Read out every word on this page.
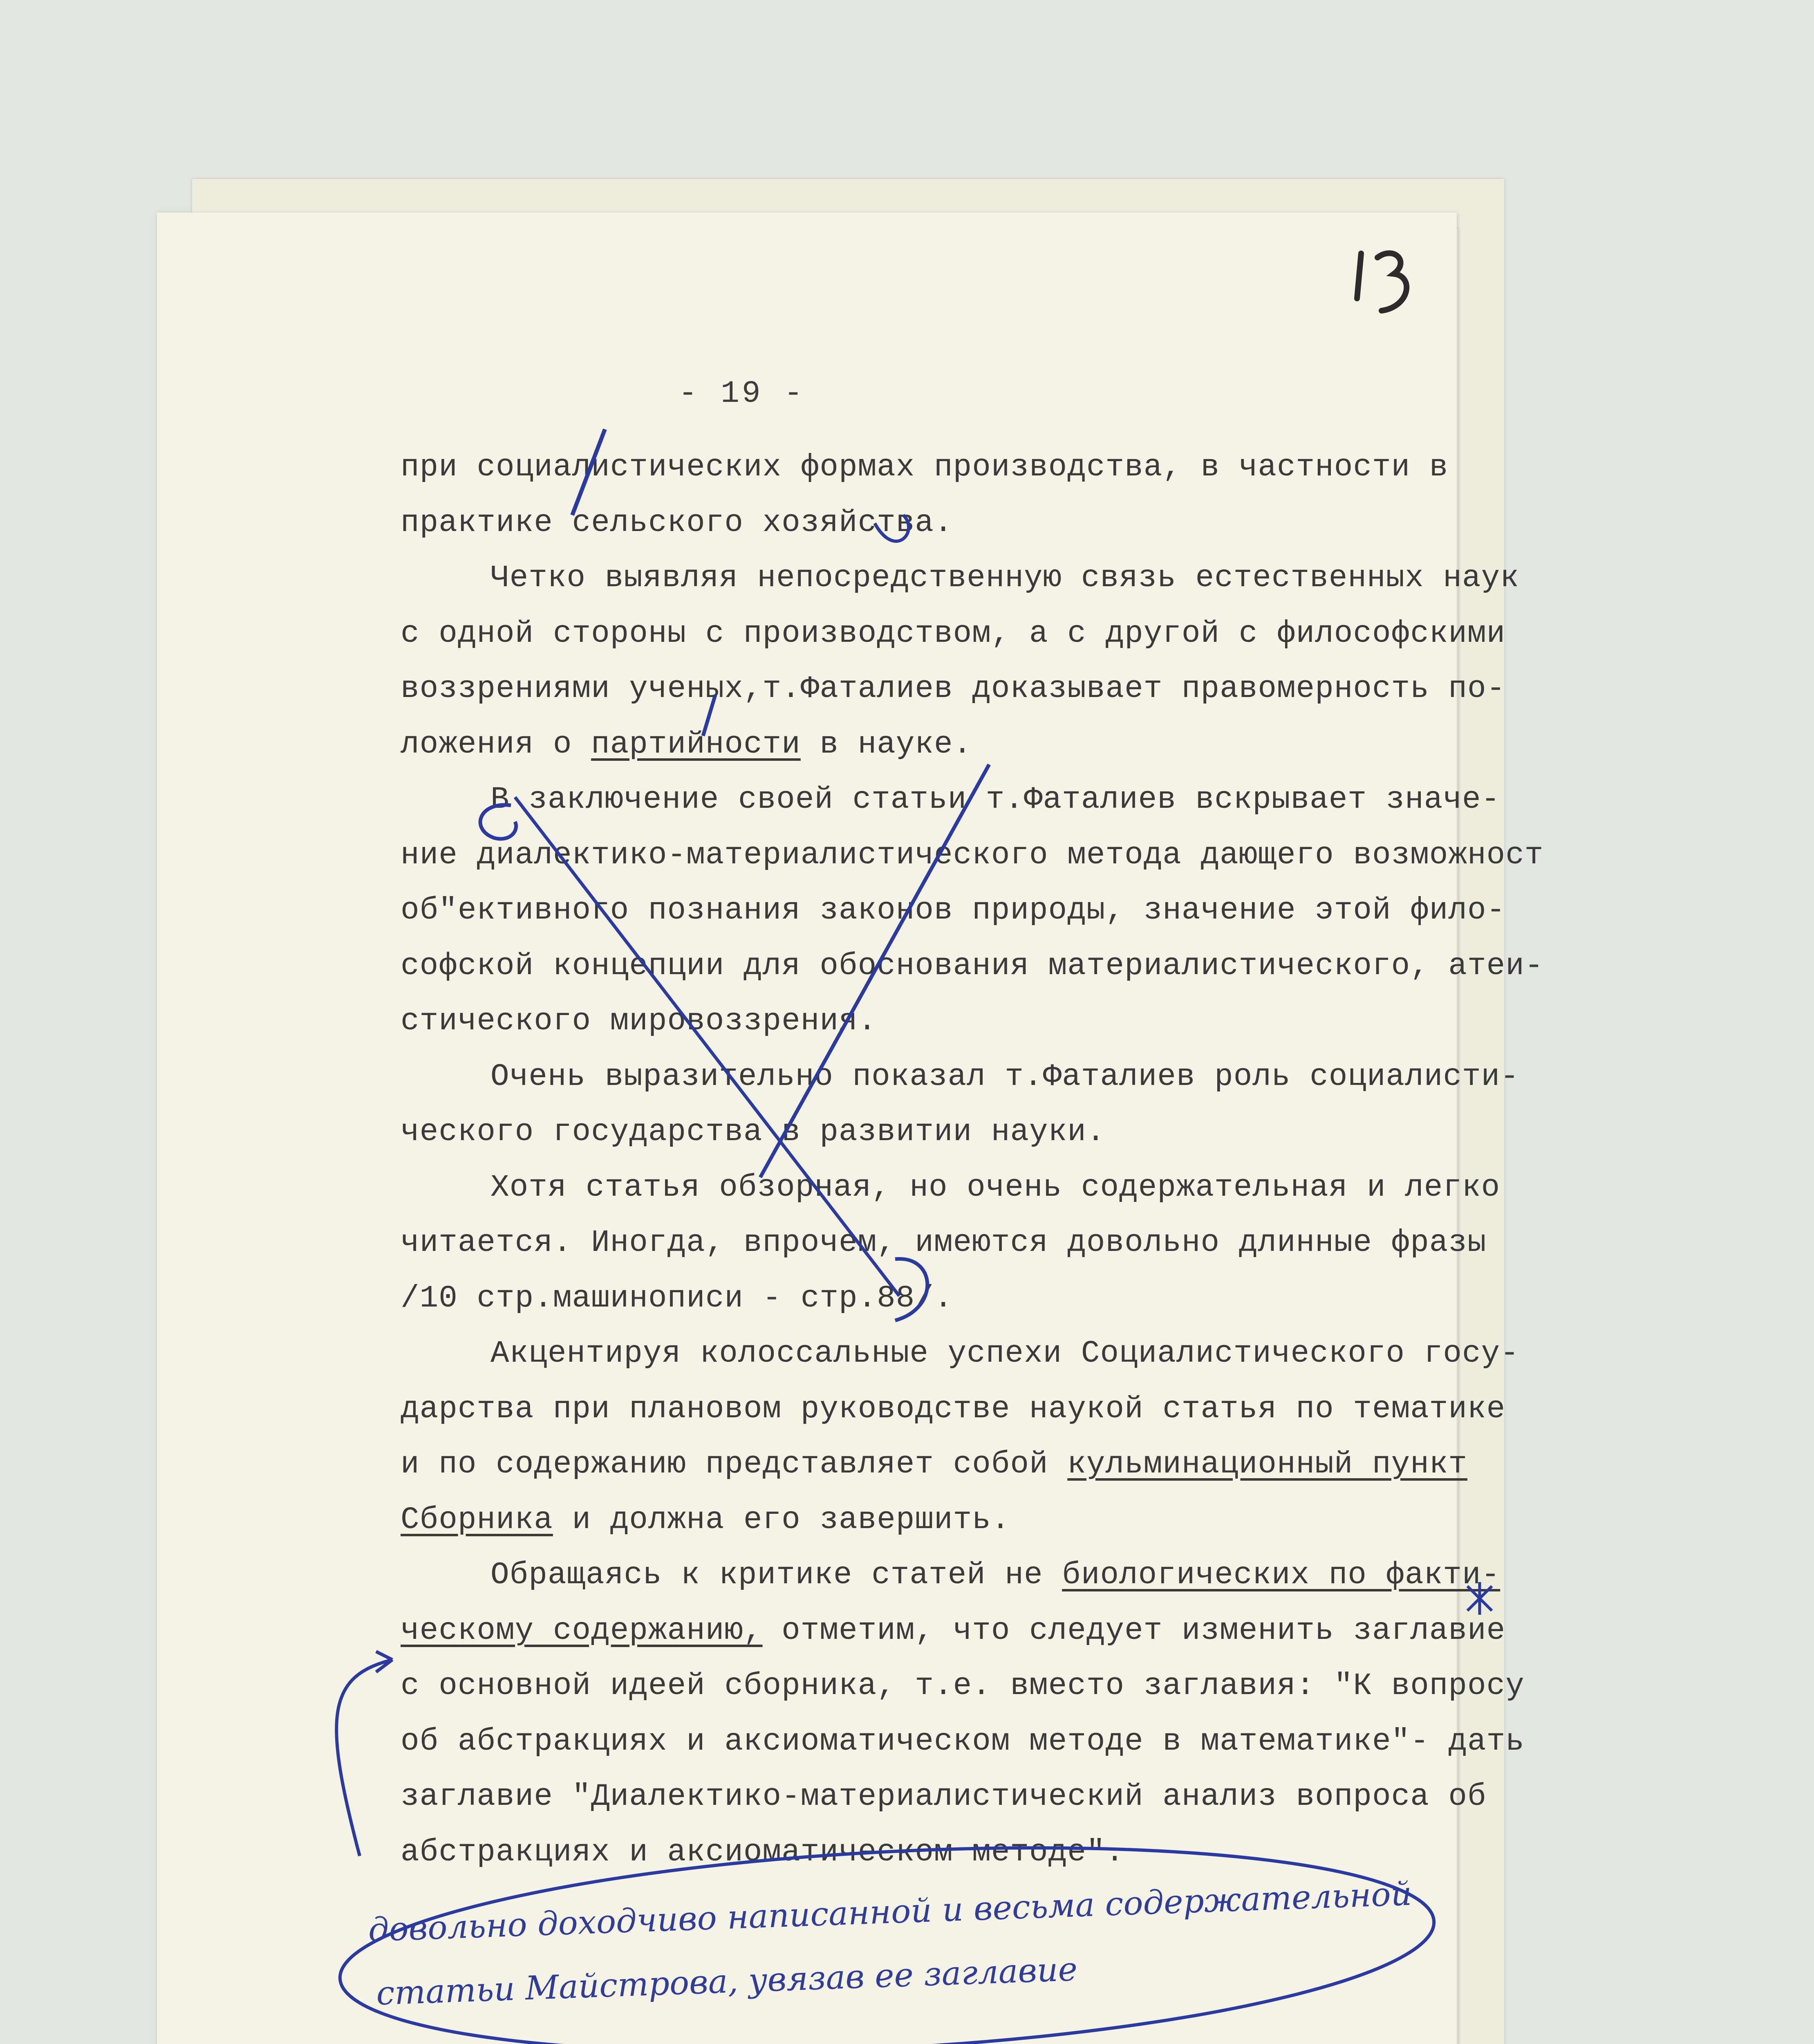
- 19 -
при социалистических формах производства, в частности в
практике сельского хозяйства.
Четко выявляя непосредственную связь естественных наук
с одной стороны с производством, а с другой с философскими
воззрениями ученых,т.Фаталиев доказывает правомерность по-
ложения о партийности в науке.
В заключение своей статьи т.Фаталиев вскрывает значе-
ние диалектико-материалистического метода дающего возможност
об"ективного познания законов природы, значение этой фило-
софской концепции для обоснования материалистического, атеи-
стического мировоззрения.
Очень выразительно показал т.Фаталиев роль социалисти-
ческого государства в развитии науки.
Хотя статья обзорная, но очень содержательная и легко
читается. Иногда, впрочем, имеются довольно длинные фразы
/10 стр.машинописи - стр.88/.
Акцентируя колоссальные успехи Социалистического госу-
дарства при плановом руководстве наукой статья по тематике
и по содержанию представляет собой кульминационный пункт
Сборника и должна его завершить.
Обращаясь к критике статей не биологических по факти-
ческому содержанию, отметим, что следует изменить заглавие
с основной идеей сборника, т.е. вместо заглавия: "К вопросу
об абстракциях и аксиоматическом методе в математике"- дать
заглавие "Диалектико-материалистический анализ вопроса об
абстракциях и аксиоматическом методе".
довольно доходчиво написанной и весьма содержательной
статьи Майстрова, увязав ее заглавие
